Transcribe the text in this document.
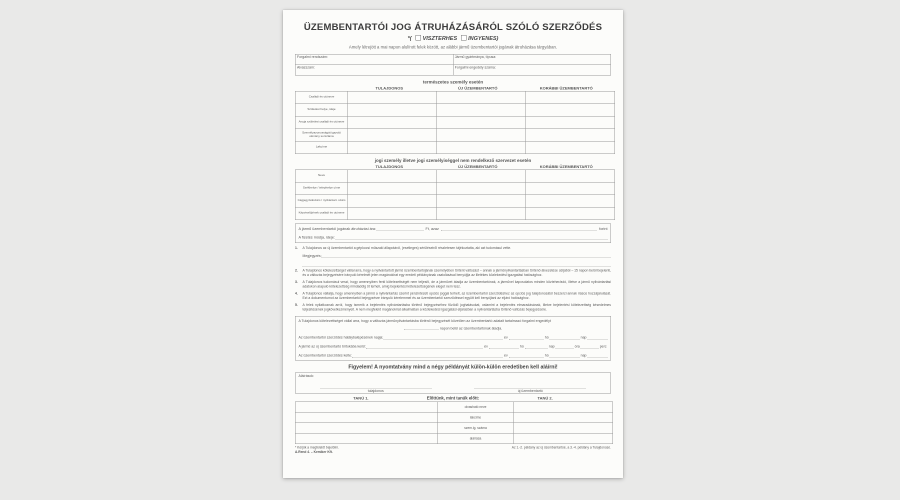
ÜZEMBENTARTÓI JOG ÁTRUHÁZÁSÁRÓL SZÓLÓ SZERZŐDÉS
*( VISZTERHES INGYENES)
Amely létrejött a mai napon alulírott felek között, az alábbi jármű üzembentartói jogának átruházása tárgyában.
Forgalmi rendszám:	Jármű gyártmánya, típusa:

Alvázszám:	Forgalmi engedély száma:
természetes személy esetén
TULAJDONOS	ÚJ ÜZEMBENTARTÓ	KORÁBBI ÜZEMBENTARTÓ
Családi és utóneve			
Születési helye, ideje			
Anyja születési családi és utóneve			
Személyazonosságát igazoló okmány sorszáma			
Lakcíme			
jogi személy illetve jogi személyiséggel nem rendelkező szervezet esetén
TULAJDONOS	ÚJ ÜZEMBENTARTÓ	KORÁBBI ÜZEMBENTARTÓ
Neve			
Székhelye / telephelye címe			
Cégjegyzékszám / nyilvántart. szám			
Képviselőjének családi és utóneve			
A jármű üzembentartói jogának átruházási ára:	Ft, azaz	forint
A fizetés módja, ideje:
1. A Tulajdonos az új üzembentartót a gépkocsi műszaki állapotáról, (esetleges) sérüléseiről részletesen tájékoztatta, aki azt tudomásul vette.
Megjegyzés:
2. A Tulajdonos kötelezettséget vállal arra, hogy a nyilvántartott jármű üzembentartójának személyében történt változást – annak a járműnyilvántartásban történő átvezetése céljából – 15 napon belül bejelenti, és a változás bejegyzésére irányuló kérelmét jelen magánokirat egy eredeti példányának csatolásával benyújtja az illetékes közlekedési igazgatási hatósághoz.
3. A Tulajdonos tudomásul veszi, hogy amennyiben fenti kötelezettségét nem teljesíti, de a járművet átadja az üzembentartónak, a járművel kapcsolatos minden közteher/adó, illetve a jármű nyilvántartási adatokon alapuló kötelezettség mindaddig őt terheli, amíg bejelentési kötelezettségének eleget nem tesz.
4. A Tulajdonos vállalja, hogy amennyiben a jármű a nyilvántartás szerint pénzintézeti opciós joggal terhelt, az üzembentartói szerződéshez az opciós jog tulajdonosától beszerzi annak írásos hozzájárulását. Ezt a dokumentumot az üzembentartói bejegyzésre irányuló kérelemmel és az üzembentartói szerződéssel együtt kell benyújtani az eljáró hatósághoz.
5. A felek nyilatkoznak arról, hogy ismerik a bejelentés nyilvántartásba történő bejegyzéséhez fűződő joghatásokat, valamint a bejelentés elmaradásának, illetve bejelentési kötelezettség késedelmes teljesítésének jogkövetkezményeit. A nem megfelelő magánokirat alkalmatlan a közlekedési igazgatási eljárásban a nyilvántartásba történő változás bejegyzésére.
A Tulajdonos kötelezettséget vállal arra, hogy a változás járműnyilvántartásba történő bejegyzését követően az üzembentartó adatait tartalmazó forgalmi engedélyt
napon belül az üzembentartónak átadja.
Az üzembentartói szerződés hatálybalépésének napja:	év	hó	nap
A jármű az új üzembentartó birtokába kerül:	év	hó	nap	óra	perc
Az üzembentartói szerződés kelte:	év	hó	nap
Figyelem! A nyomtatvány mind a négy példányát külön-külön eredetiben kell aláírni!
Aláírások:
tulajdonos	új üzembentartó
TANÚ 1.	Előttünk, mint tanúk előtt:	TANÚ 2.
	olvasható neve	
	lakcíme	
	szem.ig. száma	
	aláírása	
* Kérjük a megfelelőt bejelölni.
A.Rend 4. – Kemiker Kft.
Az 1.-2. példány az új üzembentartóé, a 3.-4. példány a Tulajdonosé.
